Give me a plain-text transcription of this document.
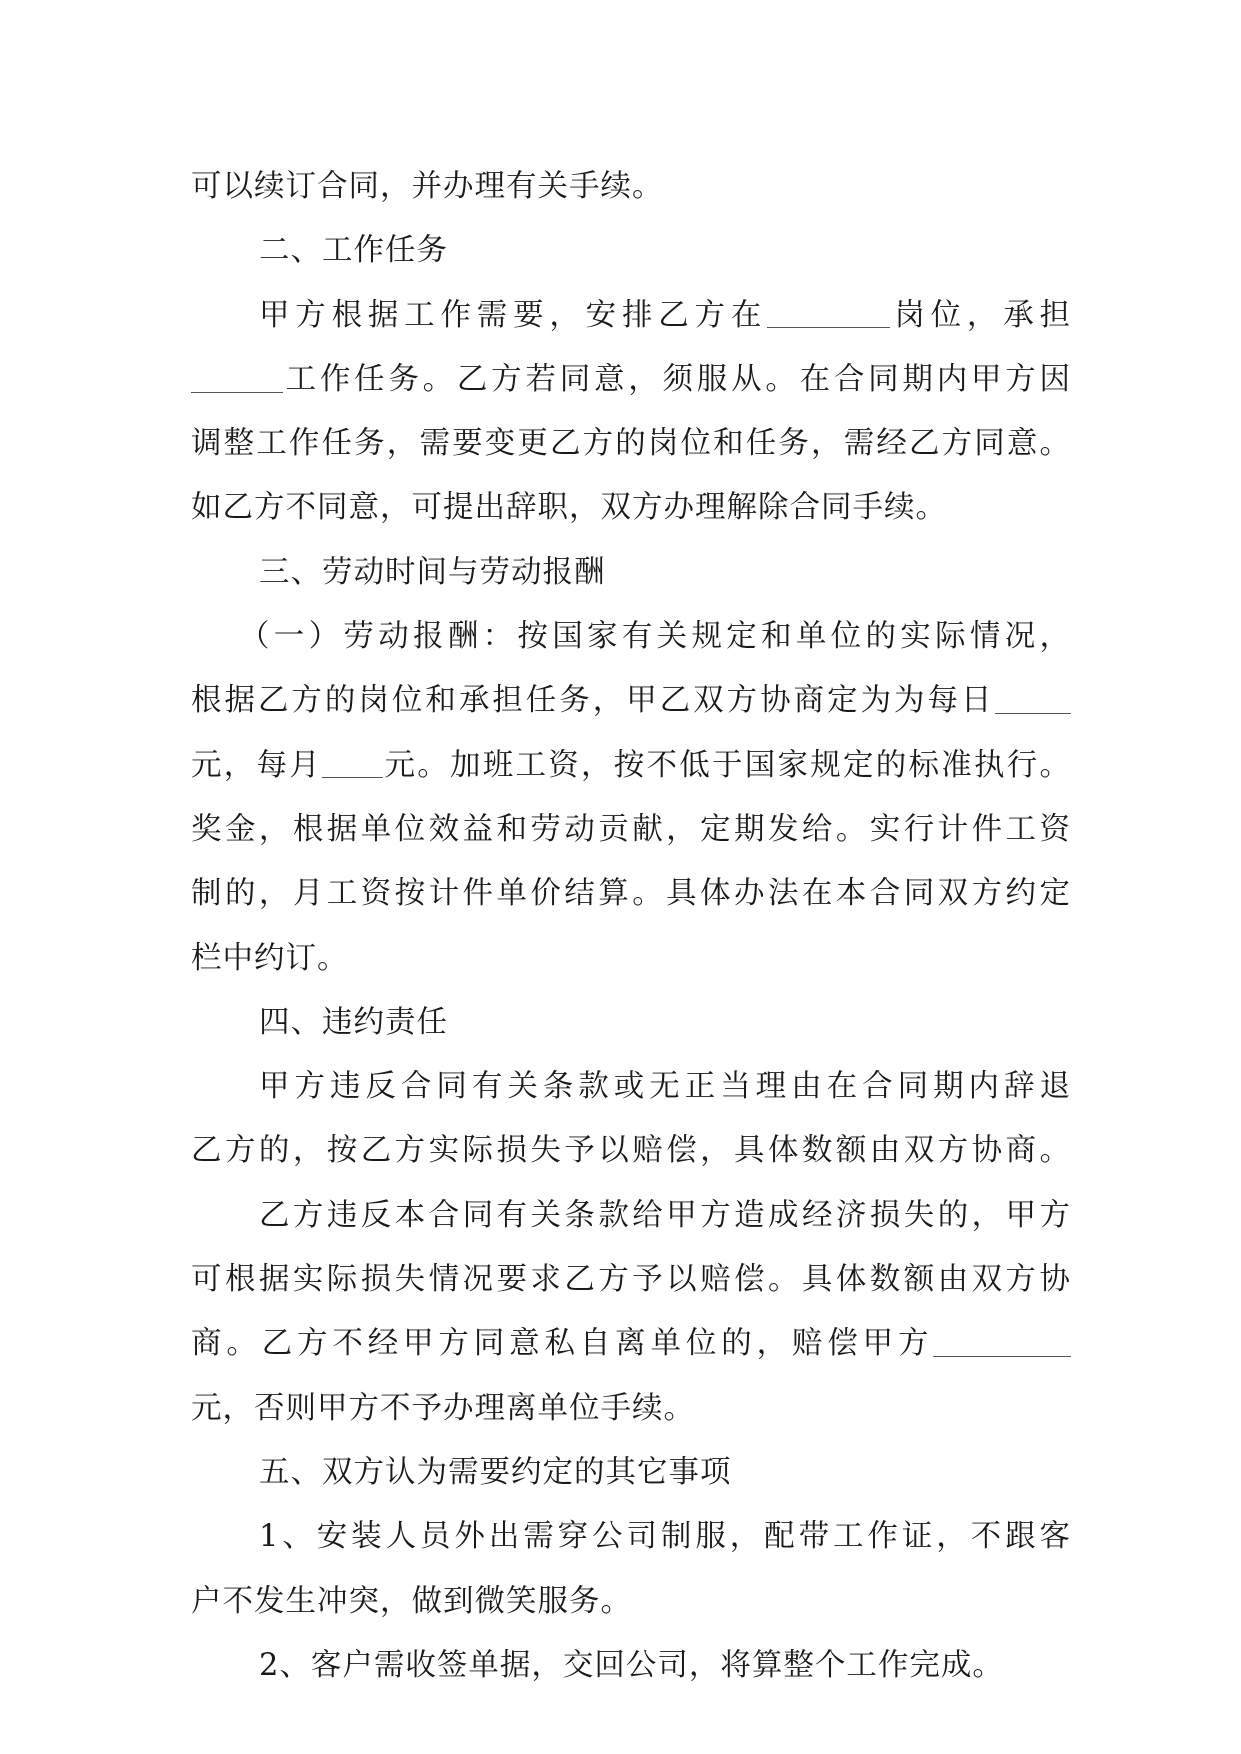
可以续订合同，并办理有关手续。
二、工作任务
甲方根据工作需要，安排乙方在	岗位，承担
工作任务。乙方若同意，须服从。在合同期内甲方因
调整工作任务，需要变更乙方的岗位和任务，需经乙方同意。
如乙方不同意，可提出辞职，双方办理解除合同手续。
三、劳动时间与劳动报酬
（一）劳动报酬：按国家有关规定和单位的实际情况，
根据乙方的岗位和承担任务，甲乙双方协商定为为每日
元，每月 元。加班工资，按不低于国家规定的标准执行。
奖金，根据单位效益和劳动贡献，定期发给。实行计件工资
制的，月工资按计件单价结算。具体办法在本合同双方约定
栏中约订。
四、违约责任
甲方违反合同有关条款或无正当理由在合同期内辞退
乙方的，按乙方实际损失予以赔偿，具体数额由双方协商。
乙方违反本合同有关条款给甲方造成经济损失的，甲方
可根据实际损失情况要求乙方予以赔偿。具体数额由双方协
商。乙方不经甲方同意私自离单位的，赔偿甲方
元，否则甲方不予办理离单位手续。
五、双方认为需要约定的其它事项
1、安装人员外出需穿公司制服，配带工作证，不跟客
户不发生冲突，做到微笑服务。
2、客户需收签单据，交回公司，将算整个工作完成。
